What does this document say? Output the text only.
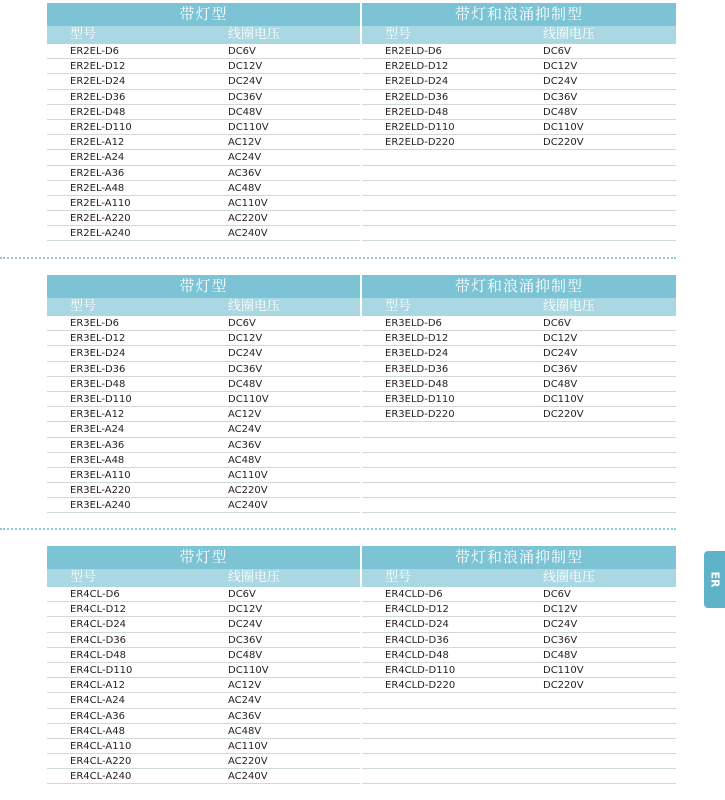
带灯型
型号	线圈电压
ER2EL-D6	DC6V
ER2EL-D12	DC12V
ER2EL-D24	DC24V
ER2EL-D36	DC36V
ER2EL-D48	DC48V
ER2EL-D110	DC110V
ER2EL-A12	AC12V
ER2EL-A24	AC24V
ER2EL-A36	AC36V
ER2EL-A48	AC48V
ER2EL-A110	AC110V
ER2EL-A220	AC220V
ER2EL-A240	AC240V
带灯和浪涌抑制型
型号	线圈电压
ER2ELD-D6	DC6V
ER2ELD-D12	DC12V
ER2ELD-D24	DC24V
ER2ELD-D36	DC36V
ER2ELD-D48	DC48V
ER2ELD-D110	DC110V
ER2ELD-D220	DC220V
带灯型
型号	线圈电压
ER3EL-D6	DC6V
ER3EL-D12	DC12V
ER3EL-D24	DC24V
ER3EL-D36	DC36V
ER3EL-D48	DC48V
ER3EL-D110	DC110V
ER3EL-A12	AC12V
ER3EL-A24	AC24V
ER3EL-A36	AC36V
ER3EL-A48	AC48V
ER3EL-A110	AC110V
ER3EL-A220	AC220V
ER3EL-A240	AC240V
带灯和浪涌抑制型
型号	线圈电压
ER3ELD-D6	DC6V
ER3ELD-D12	DC12V
ER3ELD-D24	DC24V
ER3ELD-D36	DC36V
ER3ELD-D48	DC48V
ER3ELD-D110	DC110V
ER3ELD-D220	DC220V
带灯型
型号	线圈电压
ER4CL-D6	DC6V
ER4CL-D12	DC12V
ER4CL-D24	DC24V
ER4CL-D36	DC36V
ER4CL-D48	DC48V
ER4CL-D110	DC110V
ER4CL-A12	AC12V
ER4CL-A24	AC24V
ER4CL-A36	AC36V
ER4CL-A48	AC48V
ER4CL-A110	AC110V
ER4CL-A220	AC220V
ER4CL-A240	AC240V
带灯和浪涌抑制型
型号	线圈电压
ER4CLD-D6	DC6V
ER4CLD-D12	DC12V
ER4CLD-D24	DC24V
ER4CLD-D36	DC36V
ER4CLD-D48	DC48V
ER4CLD-D110	DC110V
ER4CLD-D220	DC220V
ER
